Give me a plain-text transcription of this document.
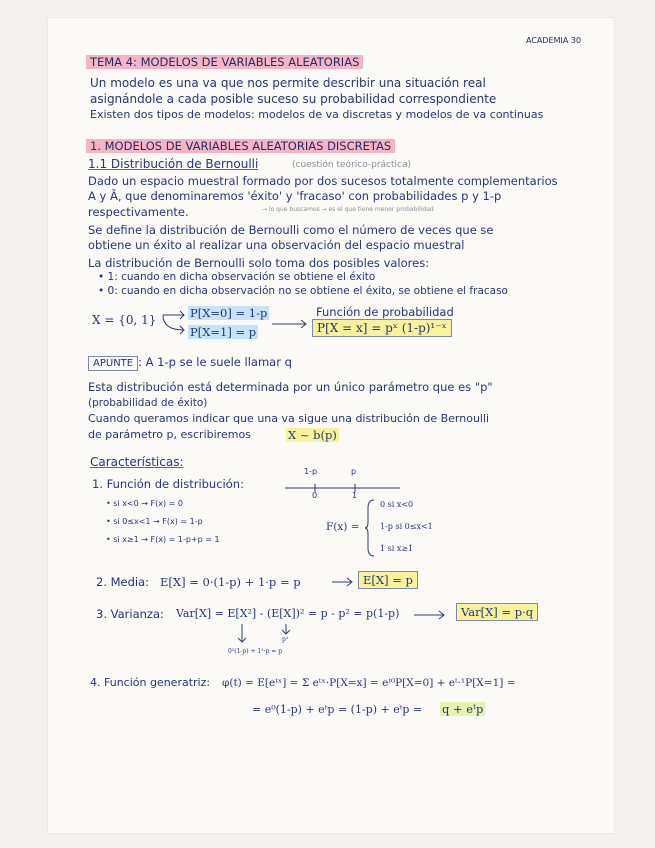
ACADEMIA 30
TEMA 4: MODELOS DE VARIABLES ALEATORIAS
Un modelo es una va que nos permite describir una situación real
asignándole a cada posible suceso su probabilidad correspondiente
Existen dos tipos de modelos: modelos de va discretas y modelos de va continuas
1. MODELOS DE VARIABLES ALEATORIAS DISCRETAS
1.1 Distribución de Bernoulli	(cuestión teórico-práctica)
Dado un espacio muestral formado por dos sucesos totalmente complementarios
A y Ā, que denominaremos 'éxito' y 'fracaso' con probabilidades p y 1-p
respectivamente.	→ lo que buscamos → es el que tiene menor probabilidad
Se define la distribución de Bernoulli como el número de veces que se
obtiene un éxito al realizar una observación del espacio muestral
La distribución de Bernoulli solo toma dos posibles valores:
• 1: cuando en dicha observación se obtiene el éxito
• 0: cuando en dicha observación no se obtiene el éxito, se obtiene el fracaso
X = {0, 1}	P[X=0] = 1-p
P[X=1] = p
Función de probabilidad
P[X = x] = pˣ (1-p)¹⁻ˣ
APUNTE : A 1-p se le suele llamar q
Esta distribución está determinada por un único parámetro que es "p"
(probabilidad de éxito)
Cuando queramos indicar que una va sigue una distribución de Bernoulli
de parámetro p, escribiremos	X ~ b(p)
Características:
1. Función de distribución:
1-p	p
0	1
• si x<0 → F(x) = 0
• si 0≤x<1 → F(x) = 1-p
• si x≥1 → F(x) = 1-p+p = 1
F(x) =
0 si x<0
1-p si 0≤x<1
1 si x≥1
2. Media: E[X] = 0·(1-p) + 1·p = p	E[X] = p
3. Varianza: Var[X] = E[X²] - (E[X])² = p - p² = p(1-p)	Var[X] = p·q
p²
0²(1-p) + 1²·p = p
4. Función generatriz: φ(t) = E[eᵗˣ] = Σ eᵗˣ·P[X=x] = eᵗ⁰P[X=0] + eᵗ·¹P[X=1] =
= e⁰(1-p) + eᵗp = (1-p) + eᵗp = q + eᵗp
